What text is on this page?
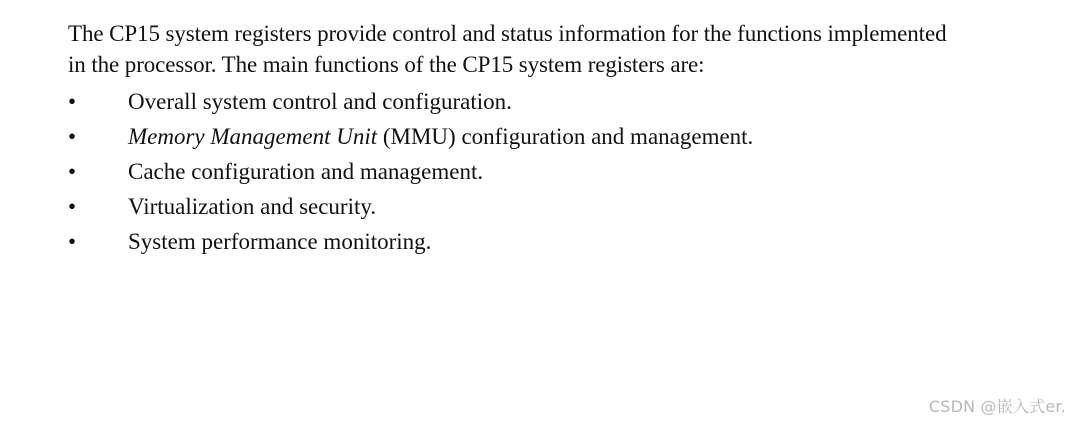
The CP15 system registers provide control and status information for the functions implemented
in the processor. The main functions of the CP15 system registers are:

•	Overall system control and configuration.
•	Memory Management Unit (MMU) configuration and management.
•	Cache configuration and management.
•	Virtualization and security.
•	System performance monitoring.
CSDN @嵌入式er.
